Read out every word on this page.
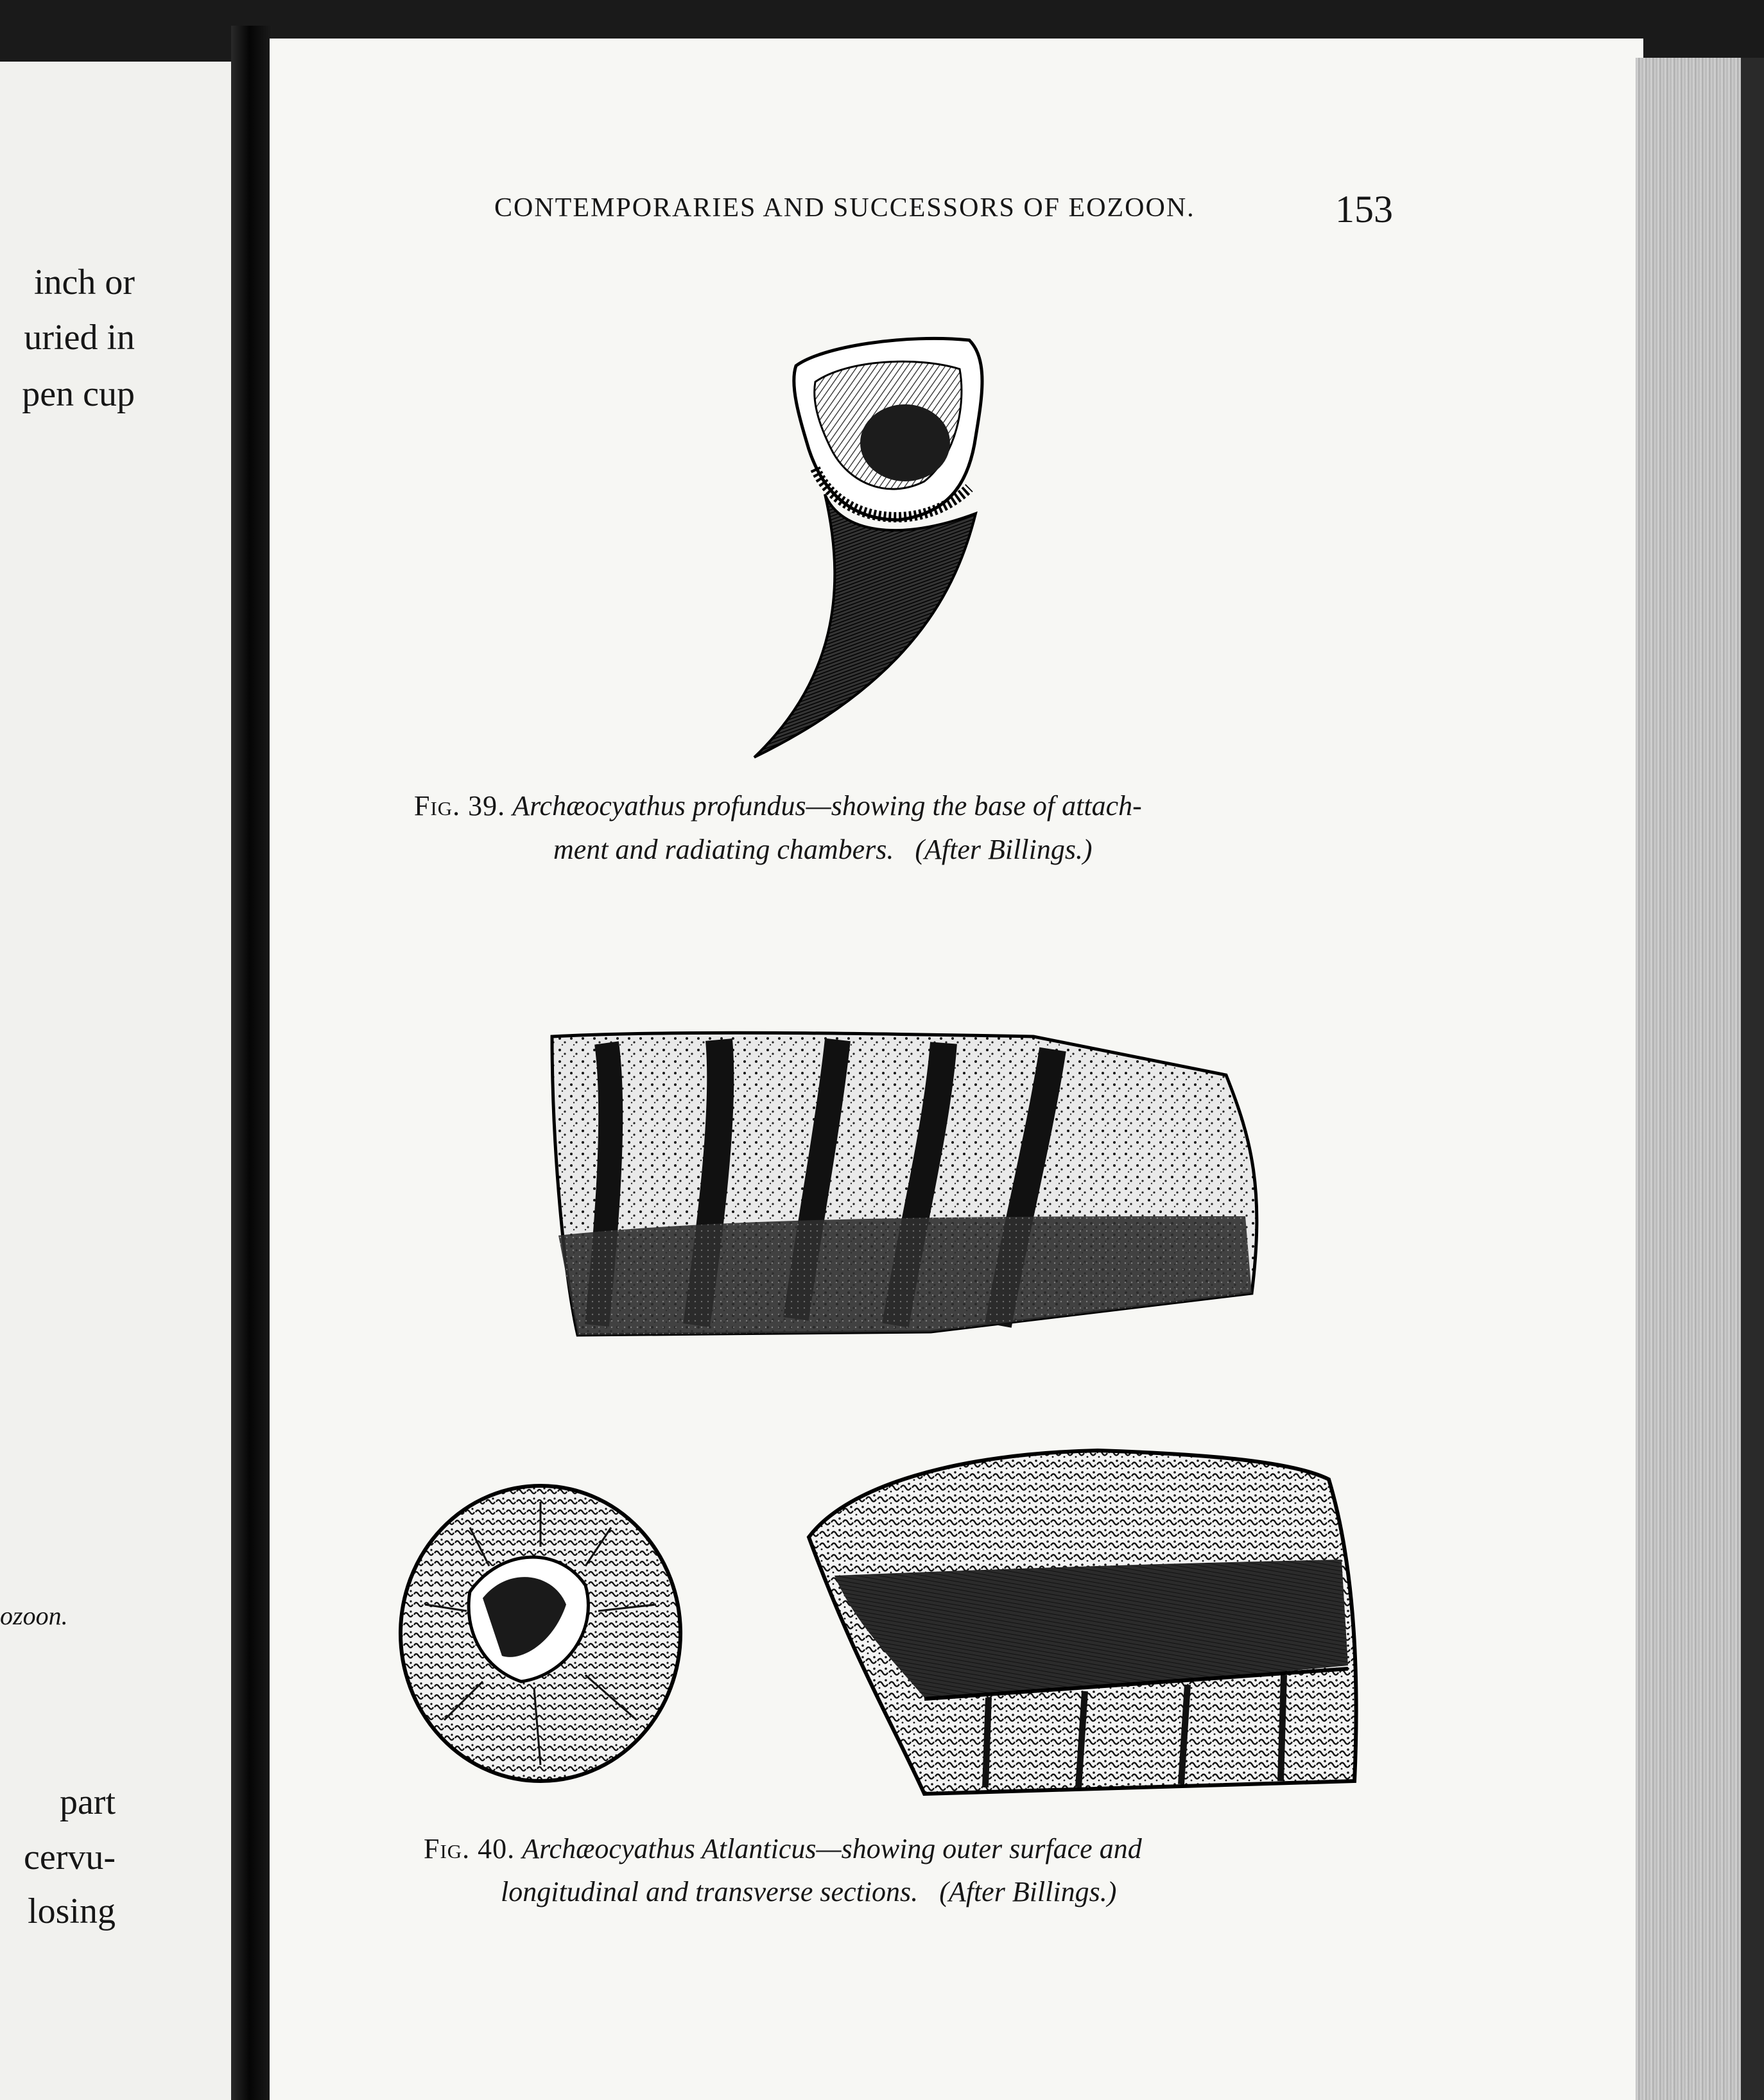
inch or
uried in
pen cup
ozoon.
part
cervu-
losing
CONTEMPORARIES AND SUCCESSORS OF EOZOON.	153
Fig. 39. Archæocyathus profundus—showing the base of attach-
ment and radiating chambers. (After Billings.)
Fig. 40. Archæocyathus Atlanticus—showing outer surface and
longitudinal and transverse sections. (After Billings.)
